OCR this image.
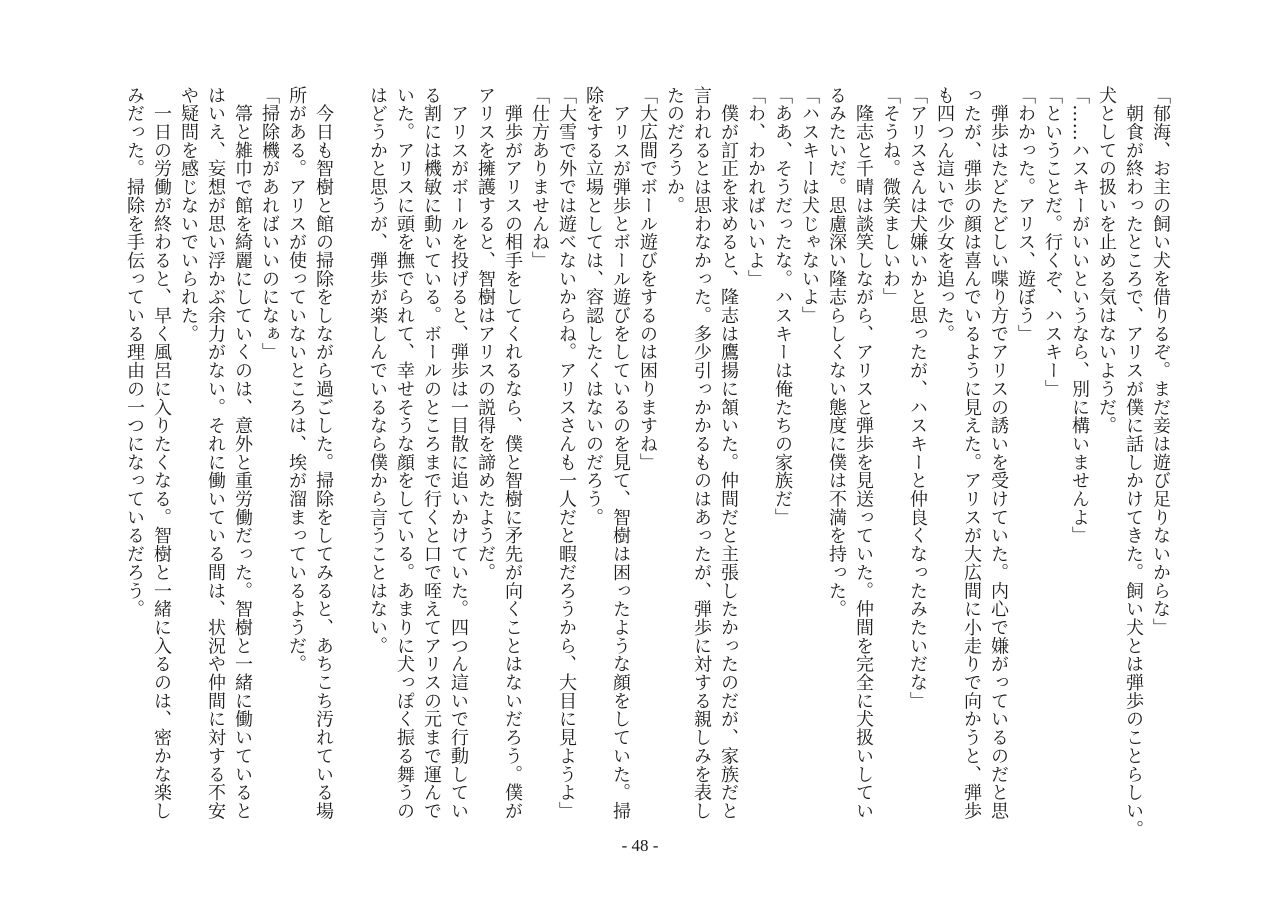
「郁海、お主の飼い犬を借りるぞ。まだ妾は遊び足りないからな」
　朝食が終わったところで、アリスが僕に話しかけてきた。飼い犬とは弾歩のことらしい。
犬としての扱いを止める気はないようだ。
「……ハスキーがいいというなら、別に構いませんよ」
「ということだ。行くぞ、ハスキー」
「わかった。アリス、遊ぼう」
　弾歩はたどたどしい喋り方でアリスの誘いを受けていた。内心で嫌がっているのだと思
ったが、弾歩の顔は喜んでいるように見えた。アリスが大広間に小走りで向かうと、弾歩
も四つん這いで少女を追った。
「アリスさんは犬嫌いかと思ったが、ハスキーと仲良くなったみたいだな」
「そうね。微笑ましいわ」
　隆志と千晴は談笑しながら、アリスと弾歩を見送っていた。仲間を完全に犬扱いしてい
るみたいだ。思慮深い隆志らしくない態度に僕は不満を持った。
「ハスキーは犬じゃないよ」
「ああ、そうだったな。ハスキーは俺たちの家族だ」
「わ、わかればいいよ」
　僕が訂正を求めると、隆志は鷹揚に頷いた。仲間だと主張したかったのだが、家族だと
言われるとは思わなかった。多少引っかかるものはあったが、弾歩に対する親しみを表し
たのだろうか。
「大広間でボール遊びをするのは困りますね」
　アリスが弾歩とボール遊びをしているのを見て、智樹は困ったような顔をしていた。掃
除をする立場としては、容認したくはないのだろう。
「大雪で外では遊べないからね。アリスさんも一人だと暇だろうから、大目に見ようよ」
「仕方ありませんね」
　弾歩がアリスの相手をしてくれるなら、僕と智樹に矛先が向くことはないだろう。僕が
アリスを擁護すると、智樹はアリスの説得を諦めたようだ。
　アリスがボールを投げると、弾歩は一目散に追いかけていた。四つん這いで行動してい
る割には機敏に動いている。ボールのところまで行くと口で咥えてアリスの元まで運んで
いた。アリスに頭を撫でられて、幸せそうな顔をしている。あまりに犬っぽく振る舞うの
はどうかと思うが、弾歩が楽しんでいるなら僕から言うことはない。
　今日も智樹と館の掃除をしながら過ごした。掃除をしてみると、あちこち汚れている場
所がある。アリスが使っていないところは、埃が溜まっているようだ。
「掃除機があればいいのになぁ」
　箒と雑巾で館を綺麗にしていくのは、意外と重労働だった。智樹と一緒に働いていると
はいえ、妄想が思い浮かぶ余力がない。それに働いている間は、状況や仲間に対する不安
や疑問を感じないでいられた。
　一日の労働が終わると、早く風呂に入りたくなる。智樹と一緒に入るのは、密かな楽し
みだった。掃除を手伝っている理由の一つになっているだろう。
- 48 -
